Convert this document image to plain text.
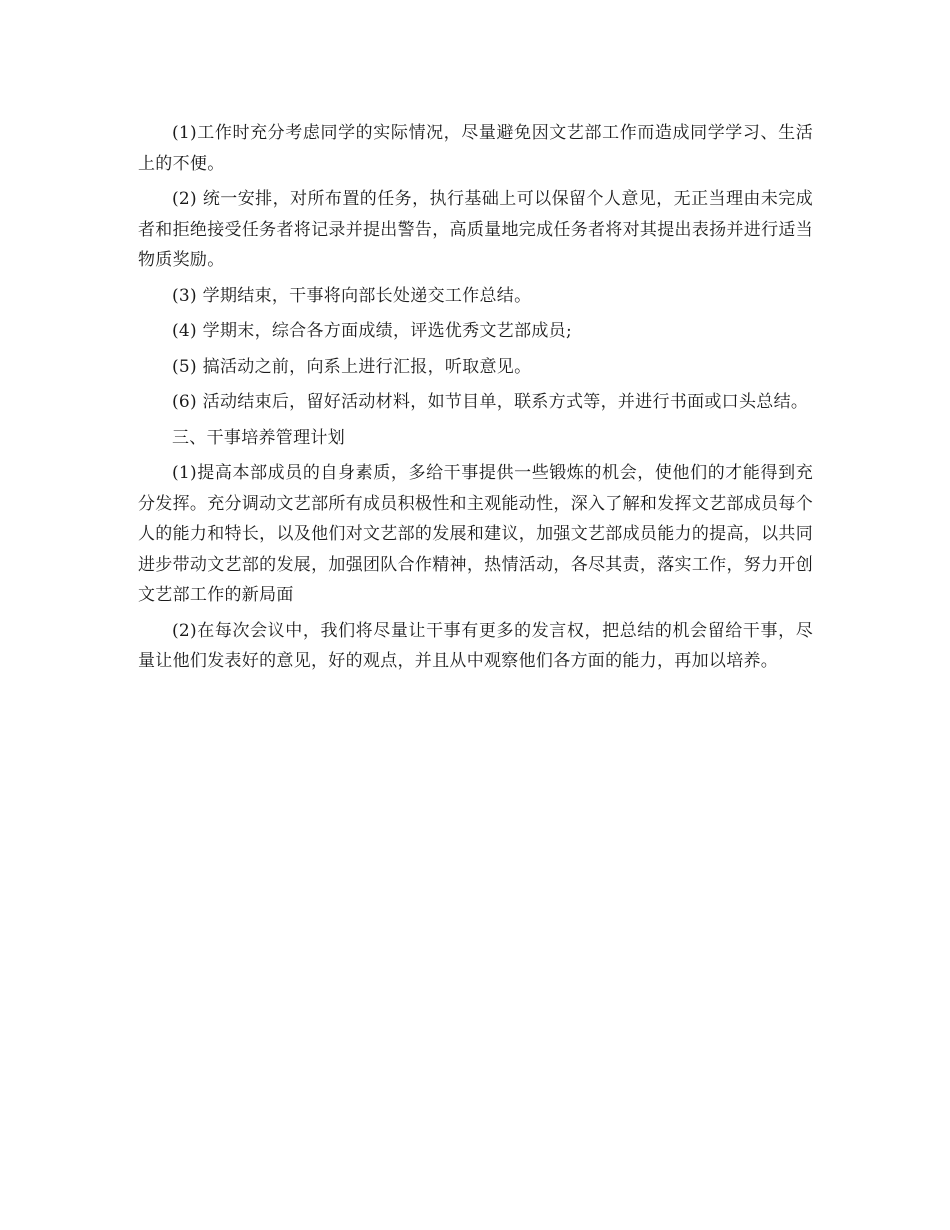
(1)工作时充分考虑同学的实际情况，尽量避免因文艺部工作而造成同学学习、生活上的不便。

(2) 统一安排，对所布置的任务，执行基础上可以保留个人意见，无正当理由未完成者和拒绝接受任务者将记录并提出警告，高质量地完成任务者将对其提出表扬并进行适当物质奖励。

(3) 学期结束，干事将向部长处递交工作总结。

(4) 学期末，综合各方面成绩，评选优秀文艺部成员;

(5) 搞活动之前，向系上进行汇报，听取意见。

(6) 活动结束后，留好活动材料，如节目单，联系方式等，并进行书面或口头总结。

三、干事培养管理计划

(1)提高本部成员的自身素质，多给干事提供一些锻炼的机会，使他们的才能得到充分发挥。充分调动文艺部所有成员积极性和主观能动性，深入了解和发挥文艺部成员每个人的能力和特长，以及他们对文艺部的发展和建议，加强文艺部成员能力的提高，以共同进步带动文艺部的发展，加强团队合作精神，热情活动，各尽其责，落实工作，努力开创文艺部工作的新局面

(2)在每次会议中，我们将尽量让干事有更多的发言权，把总结的机会留给干事，尽量让他们发表好的意见，好的观点，并且从中观察他们各方面的能力，再加以培养。
